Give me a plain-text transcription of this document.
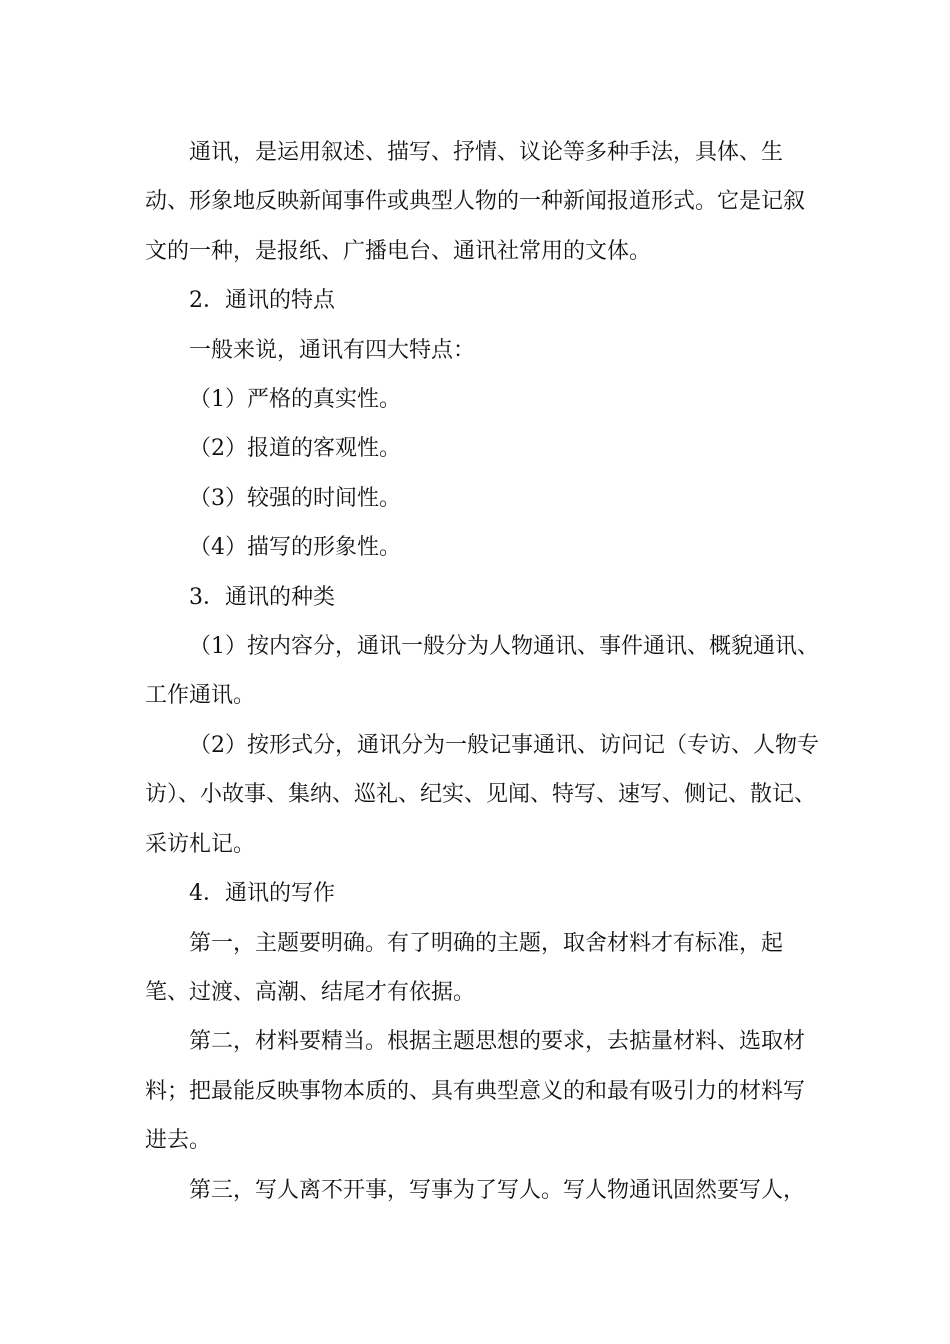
通讯，是运用叙述、描写、抒情、议论等多种手法，具体、生动、形象地反映新闻事件或典型人物的一种新闻报道形式。它是记叙文的一种，是报纸、广播电台、通讯社常用的文体。

2．通讯的特点

一般来说，通讯有四大特点：

（1）严格的真实性。

（2）报道的客观性。

（3）较强的时间性。

（4）描写的形象性。

3．通讯的种类

（1）按内容分，通讯一般分为人物通讯、事件通讯、概貌通讯、工作通讯。

（2）按形式分，通讯分为一般记事通讯、访问记（专访、人物专访）、小故事、集纳、巡礼、纪实、见闻、特写、速写、侧记、散记、采访札记。

4．通讯的写作

第一，主题要明确。有了明确的主题，取舍材料才有标准，起笔、过渡、高潮、结尾才有依据。

第二，材料要精当。根据主题思想的要求，去掂量材料、选取材料；把最能反映事物本质的、具有典型意义的和最有吸引力的材料写进去。

第三，写人离不开事，写事为了写人。写人物通讯固然要写人，
